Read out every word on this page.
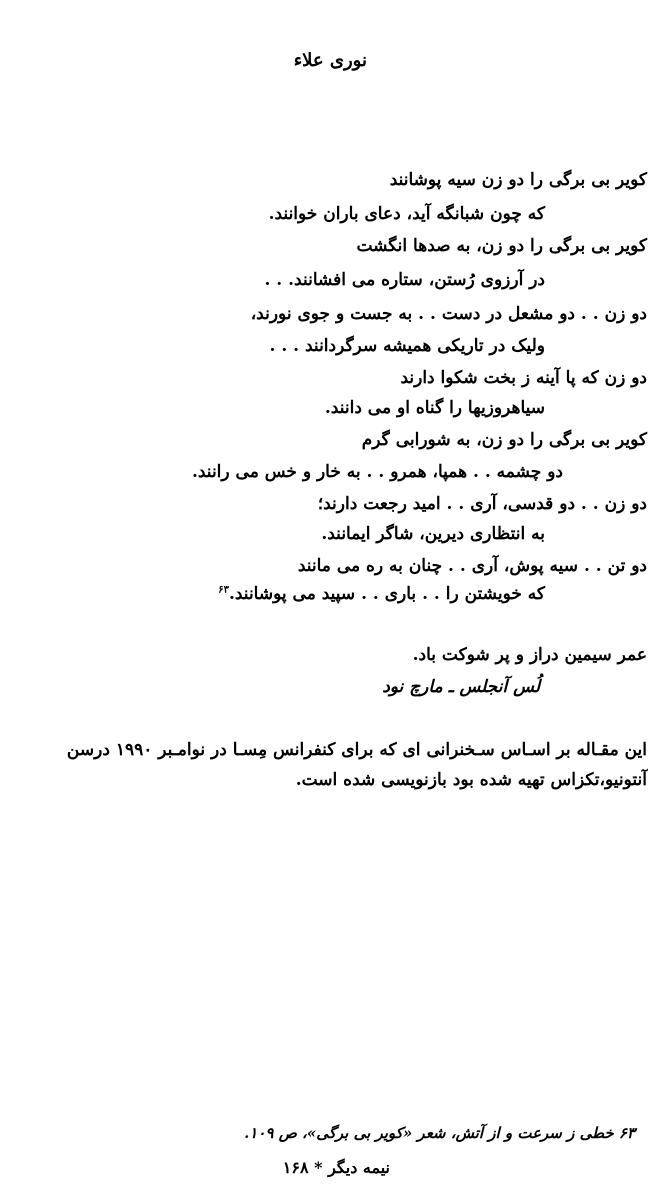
نوری علاء
کویر بی برگی را دو زن سیه پوشانند
که چون شبانگه آید، دعای باران خوانند.
کویر بی برگی را دو زن، به صدها انگشت
در آرزوی رُستن، ستاره می افشانند. . .
دو زن . . دو مشعل در دست . . به جست و جوی نورند،
ولیک در تاریکی همیشه سرگردانند . . .
دو زن که پا آینه ز بخت شکوا دارند
سیاهروزیها را گناه او می دانند.
کویر بی برگی را دو زن، به شورابی گرم
دو چشمه . . همپا، همرو . . به خار و خس می رانند.
دو زن . . دو قدسی، آری . . امید رجعت دارند؛
به انتظاری دیرین، شاگر ایمانند.
دو تن . . سیه پوش، آری . . چنان به ره می مانند
که خویشتن را . . باری . . سپید می پوشانند.$^{۶۳}$
عمر سیمین دراز و پر شوکت باد.
لُس آنجلس ـ مارچ نود
این مقـاله بر اسـاس سـخنرانی ای که برای کنفرانس مِسـا در نوامـبر ۱۹۹۰ درسن
آنتونیو،تکزاس تهیه شده بود بازنویسی شده است.
۶۳ خطی ز سرعت و از آتش، شعر «کویر بی برگی»، ص ۱۰۹.
نیمه دیگر * ۱۶۸
